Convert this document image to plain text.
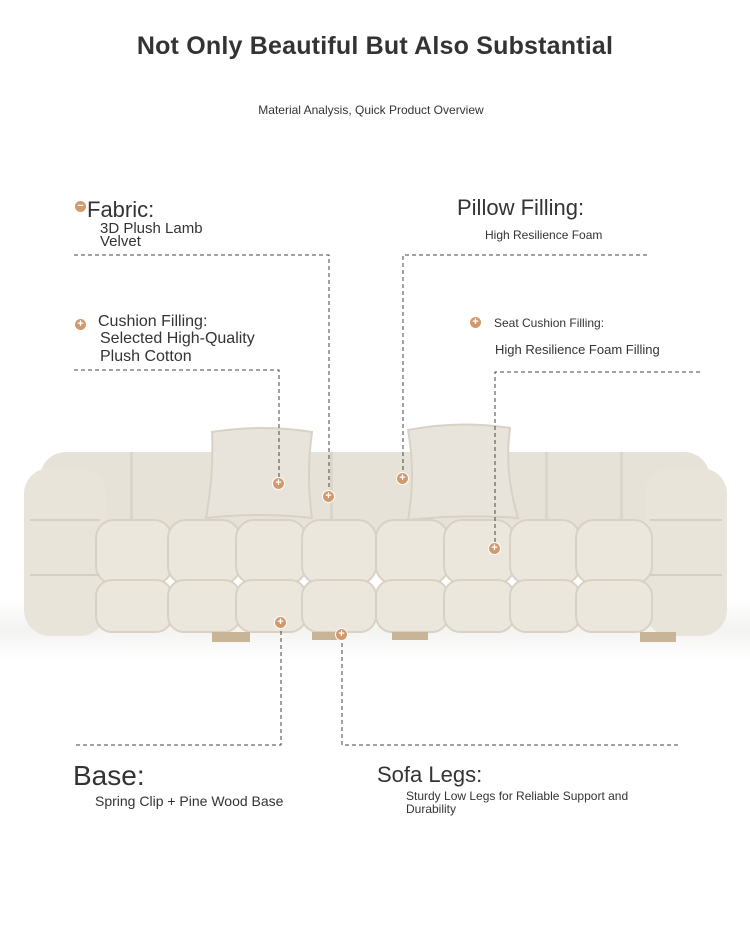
Not Only Beautiful But Also Substantial
Material Analysis, Quick Product Overview
+
+
+
+
+
+
−
Fabric:
3D Plush Lamb
Velvet
Pillow Filling:
High Resilience Foam
+
Cushion Filling:
Selected High-Quality
Plush Cotton
+
Seat Cushion Filling:
High Resilience Foam Filling
Base:
Spring Clip + Pine Wood Base
Sofa Legs:
Sturdy Low Legs for Reliable Support and
Durability
